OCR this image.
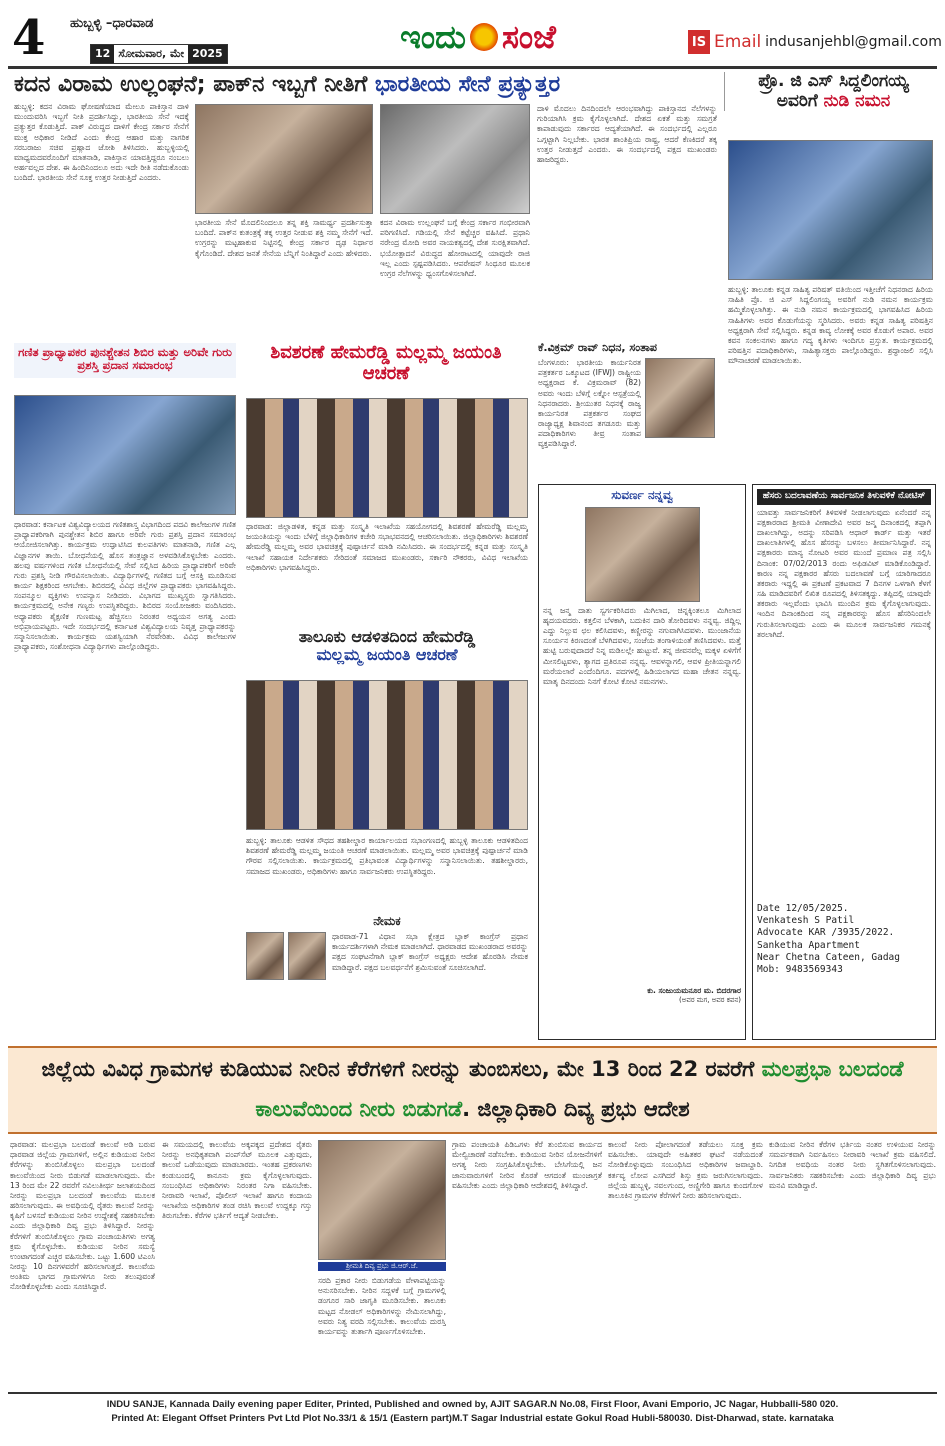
4 ಹುಬ್ಬಳ್ಳಿ –ಧಾರವಾಡ
12 ಸೋಮವಾರ, ಮೇ 2025	ಇಂದು ಸಂಜೆ	IS Email indusanjehbl@gmail.com
ಕದನ ವಿರಾಮ ಉಲ್ಲಂಘನೆ; ಪಾಕ್‌ನ ಇಬ್ಬಗೆ ನೀತಿಗೆ ಭಾರತೀಯ ಸೇನೆ ಪ್ರತ್ಯುತ್ತರ
ಹುಬ್ಬಳ್ಳಿ: ಕದನ ವಿರಾಮ ಘೋಷಣೆಯಾದ ಮೇಲೂ ಪಾಕಿಸ್ತಾನ ದಾಳಿ ಮುಂದುವರಿಸಿ ಇಬ್ಬಗೆ ನೀತಿ ಪ್ರದರ್ಶಿಸಿದ್ದು, ಭಾರತೀಯ ಸೇನೆ ಇದಕ್ಕೆ ಪ್ರತ್ಯುತ್ತರ ಕೊಡುತ್ತಿದೆ. ಪಾಕ್ ವಿರುದ್ಧದ ದಾಳಿಗೆ ಕೇಂದ್ರ ಸರ್ಕಾರ ಸೇನೆಗೆ ಮುಕ್ತ ಅಧಿಕಾರ ನೀಡಿದೆ ಎಂದು ಕೇಂದ್ರ ಆಹಾರ ಮತ್ತು ನಾಗರಿಕ ಸರಬರಾಜು ಸಚಿವ ಪ್ರಹ್ಲಾದ ಜೋಶಿ ತಿಳಿಸಿದರು. ಹುಬ್ಬಳ್ಳಿಯಲ್ಲಿ ಮಾಧ್ಯಮದವರೊಂದಿಗೆ ಮಾತನಾಡಿ, ಪಾಕಿಸ್ತಾನ ಯಾವತ್ತಿದ್ದರೂ ನಂಬಲು ಅರ್ಹವಲ್ಲದ ದೇಶ. ಈ ಹಿಂದಿನಿಂದಲೂ ಅದು ಇದೇ ರೀತಿ ನಡೆದುಕೊಂಡು ಬಂದಿದೆ. ಭಾರತೀಯ ಸೇನೆ ಸೂಕ್ತ ಉತ್ತರ ನೀಡುತ್ತಿದೆ ಎಂದರು.
ಭಾರತೀಯ ಸೇನೆ ಮೊದಲಿನಿಂದಲೂ ತನ್ನ ಶಕ್ತಿ ಸಾಮರ್ಥ್ಯ ಪ್ರದರ್ಶಿಸುತ್ತಾ ಬಂದಿದೆ. ಪಾಕ್‌ನ ಕುತಂತ್ರಕ್ಕೆ ತಕ್ಕ ಉತ್ತರ ನೀಡುವ ಶಕ್ತಿ ನಮ್ಮ ಸೇನೆಗೆ ಇದೆ. ಉಗ್ರರನ್ನು ಮಟ್ಟಹಾಕುವ ನಿಟ್ಟಿನಲ್ಲಿ ಕೇಂದ್ರ ಸರ್ಕಾರ ದೃಢ ನಿರ್ಧಾರ ಕೈಗೊಂಡಿದೆ. ದೇಶದ ಜನತೆ ಸೇನೆಯ ಬೆನ್ನಿಗೆ ನಿಂತಿದ್ದಾರೆ ಎಂದು ಹೇಳಿದರು.
ಕದನ ವಿರಾಮ ಉಲ್ಲಂಘನೆ ಬಗ್ಗೆ ಕೇಂದ್ರ ಸರ್ಕಾರ ಗಂಭೀರವಾಗಿ ಪರಿಗಣಿಸಿದೆ. ಗಡಿಯಲ್ಲಿ ಸೇನೆ ಕಟ್ಟೆಚ್ಚರ ವಹಿಸಿದೆ. ಪ್ರಧಾನಿ ನರೇಂದ್ರ ಮೋದಿ ಅವರ ನಾಯಕತ್ವದಲ್ಲಿ ದೇಶ ಸುರಕ್ಷಿತವಾಗಿದೆ. ಭಯೋತ್ಪಾದನೆ ವಿರುದ್ಧದ ಹೋರಾಟದಲ್ಲಿ ಯಾವುದೇ ರಾಜಿ ಇಲ್ಲ ಎಂದು ಸ್ಪಷ್ಟಪಡಿಸಿದರು. ಆಪರೇಷನ್ ಸಿಂಧೂರ ಮೂಲಕ ಉಗ್ರರ ನೆಲೆಗಳನ್ನು ಧ್ವಂಸಗೊಳಿಸಲಾಗಿದೆ.
ದಾಳಿ ಮೊದಲು ದಿನದಿಂದಲೇ ಆರಂಭವಾಗಿದ್ದು ಪಾಕಿಸ್ತಾನದ ನೆಲೆಗಳನ್ನು ಗುರಿಯಾಗಿಸಿ ಕ್ರಮ ಕೈಗೊಳ್ಳಲಾಗಿದೆ. ದೇಶದ ಏಕತೆ ಮತ್ತು ಸಮಗ್ರತೆ ಕಾಪಾಡುವುದು ಸರ್ಕಾರದ ಆದ್ಯತೆಯಾಗಿದೆ. ಈ ಸಂದರ್ಭದಲ್ಲಿ ಎಲ್ಲರೂ ಒಗ್ಗಟ್ಟಾಗಿ ನಿಲ್ಲಬೇಕು. ಭಾರತ ಶಾಂತಿಪ್ರಿಯ ರಾಷ್ಟ್ರ, ಆದರೆ ಕೆಣಕಿದರೆ ತಕ್ಕ ಉತ್ತರ ನೀಡುತ್ತದೆ ಎಂದರು. ಈ ಸಂದರ್ಭದಲ್ಲಿ ಪಕ್ಷದ ಮುಖಂಡರು ಹಾಜರಿದ್ದರು.
ಪ್ರೊ. ಜಿ ಎಸ್ ಸಿದ್ದಲಿಂಗಯ್ಯ
ಅವರಿಗೆ ನುಡಿ ನಮನ
ಹುಬ್ಬಳ್ಳಿ: ತಾಲೂಕು ಕನ್ನಡ ಸಾಹಿತ್ಯ ಪರಿಷತ್ ವತಿಯಿಂದ ಇತ್ತೀಚೆಗೆ ನಿಧನರಾದ ಹಿರಿಯ ಸಾಹಿತಿ ಪ್ರೊ. ಜಿ ಎಸ್ ಸಿದ್ದಲಿಂಗಯ್ಯ ಅವರಿಗೆ ನುಡಿ ನಮನ ಕಾರ್ಯಕ್ರಮ ಹಮ್ಮಿಕೊಳ್ಳಲಾಗಿತ್ತು. ಈ ನುಡಿ ನಮನ ಕಾರ್ಯಕ್ರಮದಲ್ಲಿ ಭಾಗವಹಿಸಿದ ಹಿರಿಯ ಸಾಹಿತಿಗಳು ಅವರ ಕೊಡುಗೆಯನ್ನು ಸ್ಮರಿಸಿದರು. ಅವರು ಕನ್ನಡ ಸಾಹಿತ್ಯ ಪರಿಷತ್ತಿನ ಅಧ್ಯಕ್ಷರಾಗಿ ಸೇವೆ ಸಲ್ಲಿಸಿದ್ದರು. ಕನ್ನಡ ಕಾವ್ಯ ಲೋಕಕ್ಕೆ ಅವರ ಕೊಡುಗೆ ಅಪಾರ. ಅವರ ಕವನ ಸಂಕಲನಗಳು ಹಾಗೂ ಗದ್ಯ ಕೃತಿಗಳು ಇಂದಿಗೂ ಪ್ರಸ್ತುತ. ಕಾರ್ಯಕ್ರಮದಲ್ಲಿ ಪರಿಷತ್ತಿನ ಪದಾಧಿಕಾರಿಗಳು, ಸಾಹಿತ್ಯಾಸಕ್ತರು ಪಾಲ್ಗೊಂಡಿದ್ದರು. ಶ್ರದ್ಧಾಂಜಲಿ ಸಲ್ಲಿಸಿ ಮೌನಾಚರಣೆ ಮಾಡಲಾಯಿತು.
ಗಣಿತ ಪ್ರಾಧ್ಯಾಪಕರ ಪುನಶ್ಚೇತನ ಶಿಬಿರ ಮತ್ತು ಅರಿವೇ ಗುರು ಪ್ರಶಸ್ತಿ ಪ್ರದಾನ ಸಮಾರಂಭ
ಧಾರವಾಡ: ಕರ್ನಾಟಕ ವಿಶ್ವವಿದ್ಯಾಲಯದ ಗಣಿತಶಾಸ್ತ್ರ ವಿಭಾಗದಿಂದ ಪದವಿ ಕಾಲೇಜುಗಳ ಗಣಿತ ಪ್ರಾಧ್ಯಾಪಕರಿಗಾಗಿ ಪುನಶ್ಚೇತನ ಶಿಬಿರ ಹಾಗೂ ಅರಿವೇ ಗುರು ಪ್ರಶಸ್ತಿ ಪ್ರದಾನ ಸಮಾರಂಭ ಆಯೋಜಿಸಲಾಗಿತ್ತು. ಕಾರ್ಯಕ್ರಮ ಉದ್ಘಾಟಿಸಿದ ಕುಲಪತಿಗಳು ಮಾತನಾಡಿ, ಗಣಿತ ಎಲ್ಲ ವಿಜ್ಞಾನಗಳ ತಾಯಿ. ಬೋಧನೆಯಲ್ಲಿ ಹೊಸ ತಂತ್ರಜ್ಞಾನ ಅಳವಡಿಸಿಕೊಳ್ಳಬೇಕು ಎಂದರು. ಹಲವು ವರ್ಷಗಳಿಂದ ಗಣಿತ ಬೋಧನೆಯಲ್ಲಿ ಸೇವೆ ಸಲ್ಲಿಸಿದ ಹಿರಿಯ ಪ್ರಾಧ್ಯಾಪಕರಿಗೆ ಅರಿವೇ ಗುರು ಪ್ರಶಸ್ತಿ ನೀಡಿ ಗೌರವಿಸಲಾಯಿತು. ವಿದ್ಯಾರ್ಥಿಗಳಲ್ಲಿ ಗಣಿತದ ಬಗ್ಗೆ ಆಸಕ್ತಿ ಮೂಡಿಸುವ ಕಾರ್ಯ ಶಿಕ್ಷಕರಿಂದ ಆಗಬೇಕು. ಶಿಬಿರದಲ್ಲಿ ವಿವಿಧ ಜಿಲ್ಲೆಗಳ ಪ್ರಾಧ್ಯಾಪಕರು ಭಾಗವಹಿಸಿದ್ದರು. ಸಂಪನ್ಮೂಲ ವ್ಯಕ್ತಿಗಳು ಉಪನ್ಯಾಸ ನೀಡಿದರು. ವಿಭಾಗದ ಮುಖ್ಯಸ್ಥರು ಸ್ವಾಗತಿಸಿದರು. ಕಾರ್ಯಕ್ರಮದಲ್ಲಿ ಅನೇಕ ಗಣ್ಯರು ಉಪಸ್ಥಿತರಿದ್ದರು. ಶಿಬಿರದ ಸಂಯೋಜಕರು ವಂದಿಸಿದರು. ಅಧ್ಯಾಪಕರು ಶೈಕ್ಷಣಿಕ ಗುಣಮಟ್ಟ ಹೆಚ್ಚಿಸಲು ನಿರಂತರ ಅಧ್ಯಯನ ಅಗತ್ಯ ಎಂದು ಅಭಿಪ್ರಾಯಪಟ್ಟರು. ಇದೇ ಸಂದರ್ಭದಲ್ಲಿ ಕರ್ನಾಟಕ ವಿಶ್ವವಿದ್ಯಾಲಯ ನಿವೃತ್ತ ಪ್ರಾಧ್ಯಾಪಕರನ್ನು ಸನ್ಮಾನಿಸಲಾಯಿತು. ಕಾರ್ಯಕ್ರಮ ಯಶಸ್ವಿಯಾಗಿ ನೆರವೇರಿತು. ವಿವಿಧ ಕಾಲೇಜುಗಳ ಪ್ರಾಧ್ಯಾಪಕರು, ಸಂಶೋಧನಾ ವಿದ್ಯಾರ್ಥಿಗಳು ಪಾಲ್ಗೊಂಡಿದ್ದರು.
ಶಿವಶರಣೆ ಹೇಮರೆಡ್ಡಿ ಮಲ್ಲಮ್ಮ ಜಯಂತಿ ಆಚರಣೆ
ಧಾರವಾಡ: ಜಿಲ್ಲಾಡಳಿತ, ಕನ್ನಡ ಮತ್ತು ಸಂಸ್ಕೃತಿ ಇಲಾಖೆಯ ಸಹಯೋಗದಲ್ಲಿ ಶಿವಶರಣೆ ಹೇಮರೆಡ್ಡಿ ಮಲ್ಲಮ್ಮ ಜಯಂತಿಯನ್ನು ಇಂದು ಬೆಳಿಗ್ಗೆ ಜಿಲ್ಲಾಧಿಕಾರಿಗಳ ಕಚೇರಿ ಸಭಾಭವನದಲ್ಲಿ ಆಚರಿಸಲಾಯಿತು. ಜಿಲ್ಲಾಧಿಕಾರಿಗಳು ಶಿವಶರಣೆ ಹೇಮರೆಡ್ಡಿ ಮಲ್ಲಮ್ಮ ಅವರ ಭಾವಚಿತ್ರಕ್ಕೆ ಪುಷ್ಪಾರ್ಚನೆ ಮಾಡಿ ನಮಿಸಿದರು. ಈ ಸಂದರ್ಭದಲ್ಲಿ ಕನ್ನಡ ಮತ್ತು ಸಂಸ್ಕೃತಿ ಇಲಾಖೆ ಸಹಾಯಕ ನಿರ್ದೇಶಕರು ಸೇರಿದಂತೆ ಸಮಾಜದ ಮುಖಂಡರು, ಸರ್ಕಾರಿ ನೌಕರರು, ವಿವಿಧ ಇಲಾಖೆಯ ಅಧಿಕಾರಿಗಳು ಭಾಗವಹಿಸಿದ್ದರು.
ತಾಲೂಕು ಆಡಳಿತದಿಂದ ಹೇಮರೆಡ್ಡಿ
ಮಲ್ಲಮ್ಮ ಜಯಂತಿ ಆಚರಣೆ
ಹುಬ್ಬಳ್ಳಿ: ತಾಲೂಕು ಆಡಳಿತ ಸೌಧದ ತಹಶೀಲ್ದಾರ ಕಾರ್ಯಾಲಯದ ಸಭಾಂಗಣದಲ್ಲಿ ಹುಬ್ಬಳ್ಳಿ ತಾಲೂಕು ಆಡಳಿತದಿಂದ ಶಿವಶರಣೆ ಹೇಮರೆಡ್ಡಿ ಮಲ್ಲಮ್ಮ ಜಯಂತಿ ಆಚರಣೆ ಮಾಡಲಾಯಿತು. ಮಲ್ಲಮ್ಮ ಅವರ ಭಾವಚಿತ್ರಕ್ಕೆ ಪುಷ್ಪಾರ್ಚನೆ ಮಾಡಿ ಗೌರವ ಸಲ್ಲಿಸಲಾಯಿತು. ಕಾರ್ಯಕ್ರಮದಲ್ಲಿ ಪ್ರತಿಭಾವಂತ ವಿದ್ಯಾರ್ಥಿಗಳನ್ನು ಸನ್ಮಾನಿಸಲಾಯಿತು. ತಹಶೀಲ್ದಾರರು, ಸಮಾಜದ ಮುಖಂಡರು, ಅಧಿಕಾರಿಗಳು ಹಾಗೂ ಸಾರ್ವಜನಿಕರು ಉಪಸ್ಥಿತರಿದ್ದರು.
ನೇಮಕ
ಧಾರವಾಡ-71 ವಿಧಾನ ಸಭಾ ಕ್ಷೇತ್ರದ ಬ್ಲಾಕ್ ಕಾಂಗ್ರೆಸ್ ಪ್ರಧಾನ ಕಾರ್ಯದರ್ಶಿಗಳಾಗಿ ನೇಮಕ ಮಾಡಲಾಗಿದೆ. ಧಾರವಾಡದ ಮುಖಂಡರಾದ ಅವರನ್ನು ಪಕ್ಷದ ಸಂಘಟನೆಗಾಗಿ ಬ್ಲಾಕ್ ಕಾಂಗ್ರೆಸ್ ಅಧ್ಯಕ್ಷರು ಆದೇಶ ಹೊರಡಿಸಿ ನೇಮಕ ಮಾಡಿದ್ದಾರೆ. ಪಕ್ಷದ ಬಲವರ್ಧನೆಗೆ ಶ್ರಮಿಸುವಂತೆ ಸೂಚಿಸಲಾಗಿದೆ.
ಕೆ.ವಿಕ್ರಮ್ ರಾವ್ ನಿಧನ, ಸಂತಾಪ
ಬೆಂಗಳೂರು: ಭಾರತೀಯ ಕಾರ್ಯನಿರತ ಪತ್ರಕರ್ತರ ಒಕ್ಕೂಟದ (IFWJ) ರಾಷ್ಟ್ರೀಯ ಅಧ್ಯಕ್ಷರಾದ ಕೆ. ವಿಕ್ರಮರಾವ್ (82) ಅವರು ಇಂದು ಬೆಳಿಗ್ಗೆ ಲಕ್ನೋ ಆಸ್ಪತ್ರೆಯಲ್ಲಿ ನಿಧನರಾದರು. ಶ್ರೀಯುತರ ನಿಧನಕ್ಕೆ ರಾಜ್ಯ ಕಾರ್ಯನಿರತ ಪತ್ರಕರ್ತರ ಸಂಘದ ರಾಜ್ಯಾಧ್ಯಕ್ಷ ಶಿವಾನಂದ ತಗಡೂರು ಮತ್ತು ಪದಾಧಿಕಾರಿಗಳು ತೀವ್ರ ಸಂತಾಪ ವ್ಯಕ್ತಪಡಿಸಿದ್ದಾರೆ.
ಸುವರ್ಣ ನನ್ನವ್ವ
ನನ್ನ ಜನ್ಮ ದಾತು ಸ್ವರ್ಗಕರಿಸಿದರು ಮಿಗಿಲಾದ, ಚಿನ್ನಕ್ಕಿಂತಲೂ ಮಿಗಿಲಾದ ಹೃದಯವದರು. ಕತ್ತಲಿನ ಬೆಳಕಾಗಿ, ಬದುಕಿನ ದಾರಿ ತೋರಿದವಳು ನನ್ನವ್ವ. ಜಿದ್ದಿಲ್ಲ ಎದ್ದು ನಿಲ್ಲುವ ಛಲ ಕಲಿಸಿದವಳು, ಕಣ್ಣೀರನ್ನು ನಗುವಾಗಿಸಿದವಳು. ಮುಂಜಾನೆಯ ಸೂರ್ಯನ ಕಿರಣದಂತೆ ಬೆಳಗಿದವಳು, ಸಂಜೆಯ ತಂಗಾಳಿಯಂತೆ ತಣಿಸಿದವಳು. ಮತ್ತೆ ಹುಟ್ಟಿ ಬರುವುದಾದರೆ ನಿನ್ನ ಮಡಿಲಲ್ಲೇ ಹುಟ್ಟುವೆ. ತನ್ನ ಜೀವನವೆಲ್ಲ ಮಕ್ಕಳ ಏಳಿಗೆಗೆ ಮೀಸಲಿಟ್ಟವಳು, ತ್ಯಾಗದ ಪ್ರತಿರೂಪ ನನ್ನವ್ವ. ಆವಳನ್ನಾಗಲಿ, ಆವಳ ಪ್ರೀತಿಯನ್ನಾಗಲಿ ಮರೆಯಲಾರೆ ಎಂದೆಂದಿಗೂ. ಪದಗಳಲ್ಲಿ ಹಿಡಿಯಲಾಗದ ಮಹಾ ಚೇತನ ನನ್ನವ್ವ. ಮಾತೃ ದಿನದಂದು ನಿನಗೆ ಕೋಟಿ ಕೋಟಿ ನಮನಗಳು.
ಕು. ಸಂಜುಯಮನೂರ ಮ. ಬಿದರಗಾರ
(ಅವರ ಮಗ, ಅವರ ಕವನ)
ಹೆಸರು ಬದಲಾವಣೆಯ ಸಾರ್ವಜನಿಕ ತಿಳುವಳಿಕೆ ನೋಟಿಸ್
ಯಾವತ್ತು ಸಾರ್ವಜನಿಕರಿಗೆ ತಿಳಿವಳಿಕೆ ನೀಡಲಾಗುವುದು ಏನೆಂದರೆ ನನ್ನ ಪಕ್ಷಕಾರರಾದ ಶ್ರೀಮತಿ ವೀಣಾದೇವಿ ಅವರ ಜನ್ಮ ದಿನಾಂಕದಲ್ಲಿ ತಪ್ಪಾಗಿ ದಾಖಲಾಗಿದ್ದು, ಅದನ್ನು ಸರಿಪಡಿಸಿ ಆಧಾರ್ ಕಾರ್ಡ್ ಮತ್ತು ಇತರೆ ದಾಖಲಾತಿಗಳಲ್ಲಿ ಹೊಸ ಹೆಸರನ್ನು ಬಳಸಲು ತೀರ್ಮಾನಿಸಿದ್ದಾರೆ. ನನ್ನ ಪಕ್ಷಕಾರರು ಮಾನ್ಯ ನೋಟರಿ ಅವರ ಮುಂದೆ ಪ್ರಮಾಣ ಪತ್ರ ಸಲ್ಲಿಸಿ ದಿನಾಂಕ: 07/02/2013 ರಂದು ಅಫಿಡವಿಟ್ ಮಾಡಿಕೊಂಡಿದ್ದಾರೆ. ಕಾರಣ ನನ್ನ ಪಕ್ಷಕಾರರ ಹೆಸರು ಬದಲಾವಣೆ ಬಗ್ಗೆ ಯಾರಿಗಾದರೂ ತಕರಾರು ಇದ್ದಲ್ಲಿ ಈ ಪ್ರಕಟಣೆ ಪ್ರಕಟವಾದ 7 ದಿನಗಳ ಒಳಗಾಗಿ ಕೆಳಗೆ ಸಹಿ ಮಾಡಿದವರಿಗೆ ಲಿಖಿತ ರೂಪದಲ್ಲಿ ತಿಳಿಸತಕ್ಕದ್ದು. ತಪ್ಪಿದಲ್ಲಿ ಯಾವುದೇ ತಕರಾರು ಇಲ್ಲವೆಂದು ಭಾವಿಸಿ ಮುಂದಿನ ಕ್ರಮ ಕೈಗೊಳ್ಳಲಾಗುವುದು. ಇಂದಿನ ದಿನಾಂಕದಿಂದ ನನ್ನ ಪಕ್ಷಕಾರರನ್ನು ಹೊಸ ಹೆಸರಿನಿಂದಲೇ ಗುರುತಿಸಲಾಗುವುದು ಎಂದು ಈ ಮೂಲಕ ಸಾರ್ವಜನಿಕರ ಗಮನಕ್ಕೆ ತರಲಾಗಿದೆ.
Date 12/05/2025.
Venkatesh S Patil
Advocate KAR /3935/2022.
Sanketha Apartment
Near Chetna Cateen, Gadag
Mob: 9483569343
ಜಿಲ್ಲೆಯ ವಿವಿಧ ಗ್ರಾಮಗಳ ಕುಡಿಯುವ ನೀರಿನ ಕೆರೆಗಳಿಗೆ ನೀರನ್ನು ತುಂಬಿಸಲು, ಮೇ 13 ರಿಂದ 22 ರವರೆಗೆ ಮಲಪ್ರಭಾ ಬಲದಂಡೆ ಕಾಲುವೆಯಿಂದ ನೀರು ಬಿಡುಗಡೆ. ಜಿಲ್ಲಾಧಿಕಾರಿ ದಿವ್ಯ ಪ್ರಭು ಆದೇಶ
ಧಾರವಾಡ: ಮಲಪ್ರಭಾ ಬಲದಂಡೆ ಕಾಲುವೆ ಅಡಿ ಬರುವ ಧಾರವಾಡ ಜಿಲ್ಲೆಯ ಗ್ರಾಮಗಳಿಗೆ, ಅಲ್ಲಿನ ಕುಡಿಯುವ ನೀರಿನ ಕೆರೆಗಳನ್ನು ತುಂಬಿಸಿಕೊಳ್ಳಲು ಮಲಪ್ರಭಾ ಬಲದಂಡೆ ಕಾಲುವೆಯಿಂದ ನೀರು ಬಿಡುಗಡೆ ಮಾಡಲಾಗುವುದು. ಮೇ 13 ರಿಂದ ಮೇ 22 ರವರೆಗೆ ನವಿಲುತೀರ್ಥ ಜಲಾಶಯದಿಂದ ನೀರನ್ನು ಮಲಪ್ರಭಾ ಬಲದಂಡೆ ಕಾಲುವೆಯ ಮೂಲಕ ಹರಿಸಲಾಗುವುದು. ಈ ಅವಧಿಯಲ್ಲಿ ರೈತರು ಕಾಲುವೆ ನೀರನ್ನು ಕೃಷಿಗೆ ಬಳಸದೆ ಕುಡಿಯುವ ನೀರಿನ ಉದ್ದೇಶಕ್ಕೆ ಸಹಕರಿಸಬೇಕು ಎಂದು ಜಿಲ್ಲಾಧಿಕಾರಿ ದಿವ್ಯ ಪ್ರಭು ತಿಳಿಸಿದ್ದಾರೆ. ನೀರನ್ನು ಕೆರೆಗಳಿಗೆ ತುಂಬಿಸಿಕೊಳ್ಳಲು ಗ್ರಾಮ ಪಂಚಾಯತಿಗಳು ಅಗತ್ಯ ಕ್ರಮ ಕೈಗೊಳ್ಳಬೇಕು. ಕುಡಿಯುವ ನೀರಿನ ಸಮಸ್ಯೆ ಉಂಟಾಗದಂತೆ ಎಚ್ಚರ ವಹಿಸಬೇಕು. ಒಟ್ಟು 1.600 ಟಿಎಂಸಿ ನೀರನ್ನು 10 ದಿನಗಳವರೆಗೆ ಹರಿಸಲಾಗುತ್ತದೆ. ಕಾಲುವೆಯ ಅಂತಿಮ ಭಾಗದ ಗ್ರಾಮಗಳಿಗೂ ನೀರು ತಲುಪುವಂತೆ ನೋಡಿಕೊಳ್ಳಬೇಕು ಎಂದು ಸೂಚಿಸಿದ್ದಾರೆ.
ಈ ಸಮಯದಲ್ಲಿ ಕಾಲುವೆಯ ಅಕ್ಕಪಕ್ಕದ ಪ್ರದೇಶದ ರೈತರು ನೀರನ್ನು ಅನಧಿಕೃತವಾಗಿ ಪಂಪ್‌ಸೆಟ್ ಮೂಲಕ ಎತ್ತುವುದು, ಕಾಲುವೆ ಒಡೆಯುವುದು ಮಾಡಬಾರದು. ಇಂತಹ ಪ್ರಕರಣಗಳು ಕಂಡುಬಂದಲ್ಲಿ ಕಾನೂನು ಕ್ರಮ ಕೈಗೊಳ್ಳಲಾಗುವುದು. ಸಂಬಂಧಿಸಿದ ಅಧಿಕಾರಿಗಳು ನಿರಂತರ ನಿಗಾ ವಹಿಸಬೇಕು. ನೀರಾವರಿ ಇಲಾಖೆ, ಪೊಲೀಸ್ ಇಲಾಖೆ ಹಾಗೂ ಕಂದಾಯ ಇಲಾಖೆಯ ಅಧಿಕಾರಿಗಳ ತಂಡ ರಚಿಸಿ ಕಾಲುವೆ ಉದ್ದಕ್ಕೂ ಗಸ್ತು ತಿರುಗಬೇಕು. ಕೆರೆಗಳ ಭರ್ತಿಗೆ ಆದ್ಯತೆ ನೀಡಬೇಕು.
ಶ್ರೀಮತಿ ದಿವ್ಯ ಪ್ರಭು ಜಿ.ಆರ್.ಜೆ.
ಸರದಿ ಪ್ರಕಾರ ನೀರು ಬಿಡುಗಡೆಯ ವೇಳಾಪಟ್ಟಿಯನ್ನು ಅನುಸರಿಸಬೇಕು. ನೀರಿನ ಸದ್ಬಳಕೆ ಬಗ್ಗೆ ಗ್ರಾಮಗಳಲ್ಲಿ ಡಂಗೂರ ಸಾರಿ ಜಾಗೃತಿ ಮೂಡಿಸಬೇಕು. ತಾಲೂಕು ಮಟ್ಟದ ನೋಡಲ್ ಅಧಿಕಾರಿಗಳನ್ನು ನೇಮಿಸಲಾಗಿದ್ದು, ಅವರು ನಿತ್ಯ ವರದಿ ಸಲ್ಲಿಸಬೇಕು. ಕಾಲುವೆಯ ದುರಸ್ತಿ ಕಾರ್ಯವನ್ನು ತುರ್ತಾಗಿ ಪೂರ್ಣಗೊಳಿಸಬೇಕು.
ಗ್ರಾಮ ಪಂಚಾಯತಿ ಪಿಡಿಒಗಳು ಕೆರೆ ತುಂಬಿಸುವ ಕಾರ್ಯದ ಮೇಲ್ವಿಚಾರಣೆ ನಡೆಸಬೇಕು. ಕುಡಿಯುವ ನೀರಿನ ಯೋಜನೆಗಳಿಗೆ ಅಗತ್ಯ ನೀರು ಸಂಗ್ರಹಿಸಿಕೊಳ್ಳಬೇಕು. ಬೇಸಿಗೆಯಲ್ಲಿ ಜನ ಜಾನುವಾರುಗಳಿಗೆ ನೀರಿನ ಕೊರತೆ ಆಗದಂತೆ ಮುಂಜಾಗ್ರತೆ ವಹಿಸಬೇಕು ಎಂದು ಜಿಲ್ಲಾಧಿಕಾರಿ ಆದೇಶದಲ್ಲಿ ತಿಳಿಸಿದ್ದಾರೆ.
ಕಾಲುವೆ ನೀರು ಪೋಲಾಗದಂತೆ ತಡೆಯಲು ಸೂಕ್ತ ಕ್ರಮ ವಹಿಸಬೇಕು. ಯಾವುದೇ ಅಹಿತಕರ ಘಟನೆ ನಡೆಯದಂತೆ ನೋಡಿಕೊಳ್ಳುವುದು ಸಂಬಂಧಿಸಿದ ಅಧಿಕಾರಿಗಳ ಜವಾಬ್ದಾರಿ. ಕರ್ತವ್ಯ ಲೋಪ ಎಸಗಿದರೆ ಶಿಸ್ತು ಕ್ರಮ ಜರುಗಿಸಲಾಗುವುದು. ಜಿಲ್ಲೆಯ ಹುಬ್ಬಳ್ಳಿ, ನವಲಗುಂದ, ಅಣ್ಣಿಗೇರಿ ಹಾಗೂ ಕುಂದಗೋಳ ತಾಲೂಕಿನ ಗ್ರಾಮಗಳ ಕೆರೆಗಳಿಗೆ ನೀರು ಹರಿಸಲಾಗುವುದು.
ಕುಡಿಯುವ ನೀರಿನ ಕೆರೆಗಳ ಭರ್ತಿಯ ನಂತರ ಉಳಿಯುವ ನೀರನ್ನು ಸಮರ್ಪಕವಾಗಿ ನಿರ್ವಹಿಸಲು ನೀರಾವರಿ ಇಲಾಖೆ ಕ್ರಮ ವಹಿಸಲಿದೆ. ನಿಗದಿತ ಅವಧಿಯ ನಂತರ ನೀರು ಸ್ಥಗಿತಗೊಳಿಸಲಾಗುವುದು. ಸಾರ್ವಜನಿಕರು ಸಹಕರಿಸಬೇಕು ಎಂದು ಜಿಲ್ಲಾಧಿಕಾರಿ ದಿವ್ಯ ಪ್ರಭು ಮನವಿ ಮಾಡಿದ್ದಾರೆ.
INDU SANJE, Kannada Daily evening paper Editer, Printed, Published and owned by, AJIT SAGAR.N No.08, First Floor, Avani Emporio, JC Nagar, Hubballi-580 020.
Printed At: Elegant Offset Printers Pvt Ltd Plot No.33/1 & 15/1 (Eastern part)M.T Sagar Industrial estate Gokul Road Hubli-580030. Dist-Dharwad, state. karnataka
